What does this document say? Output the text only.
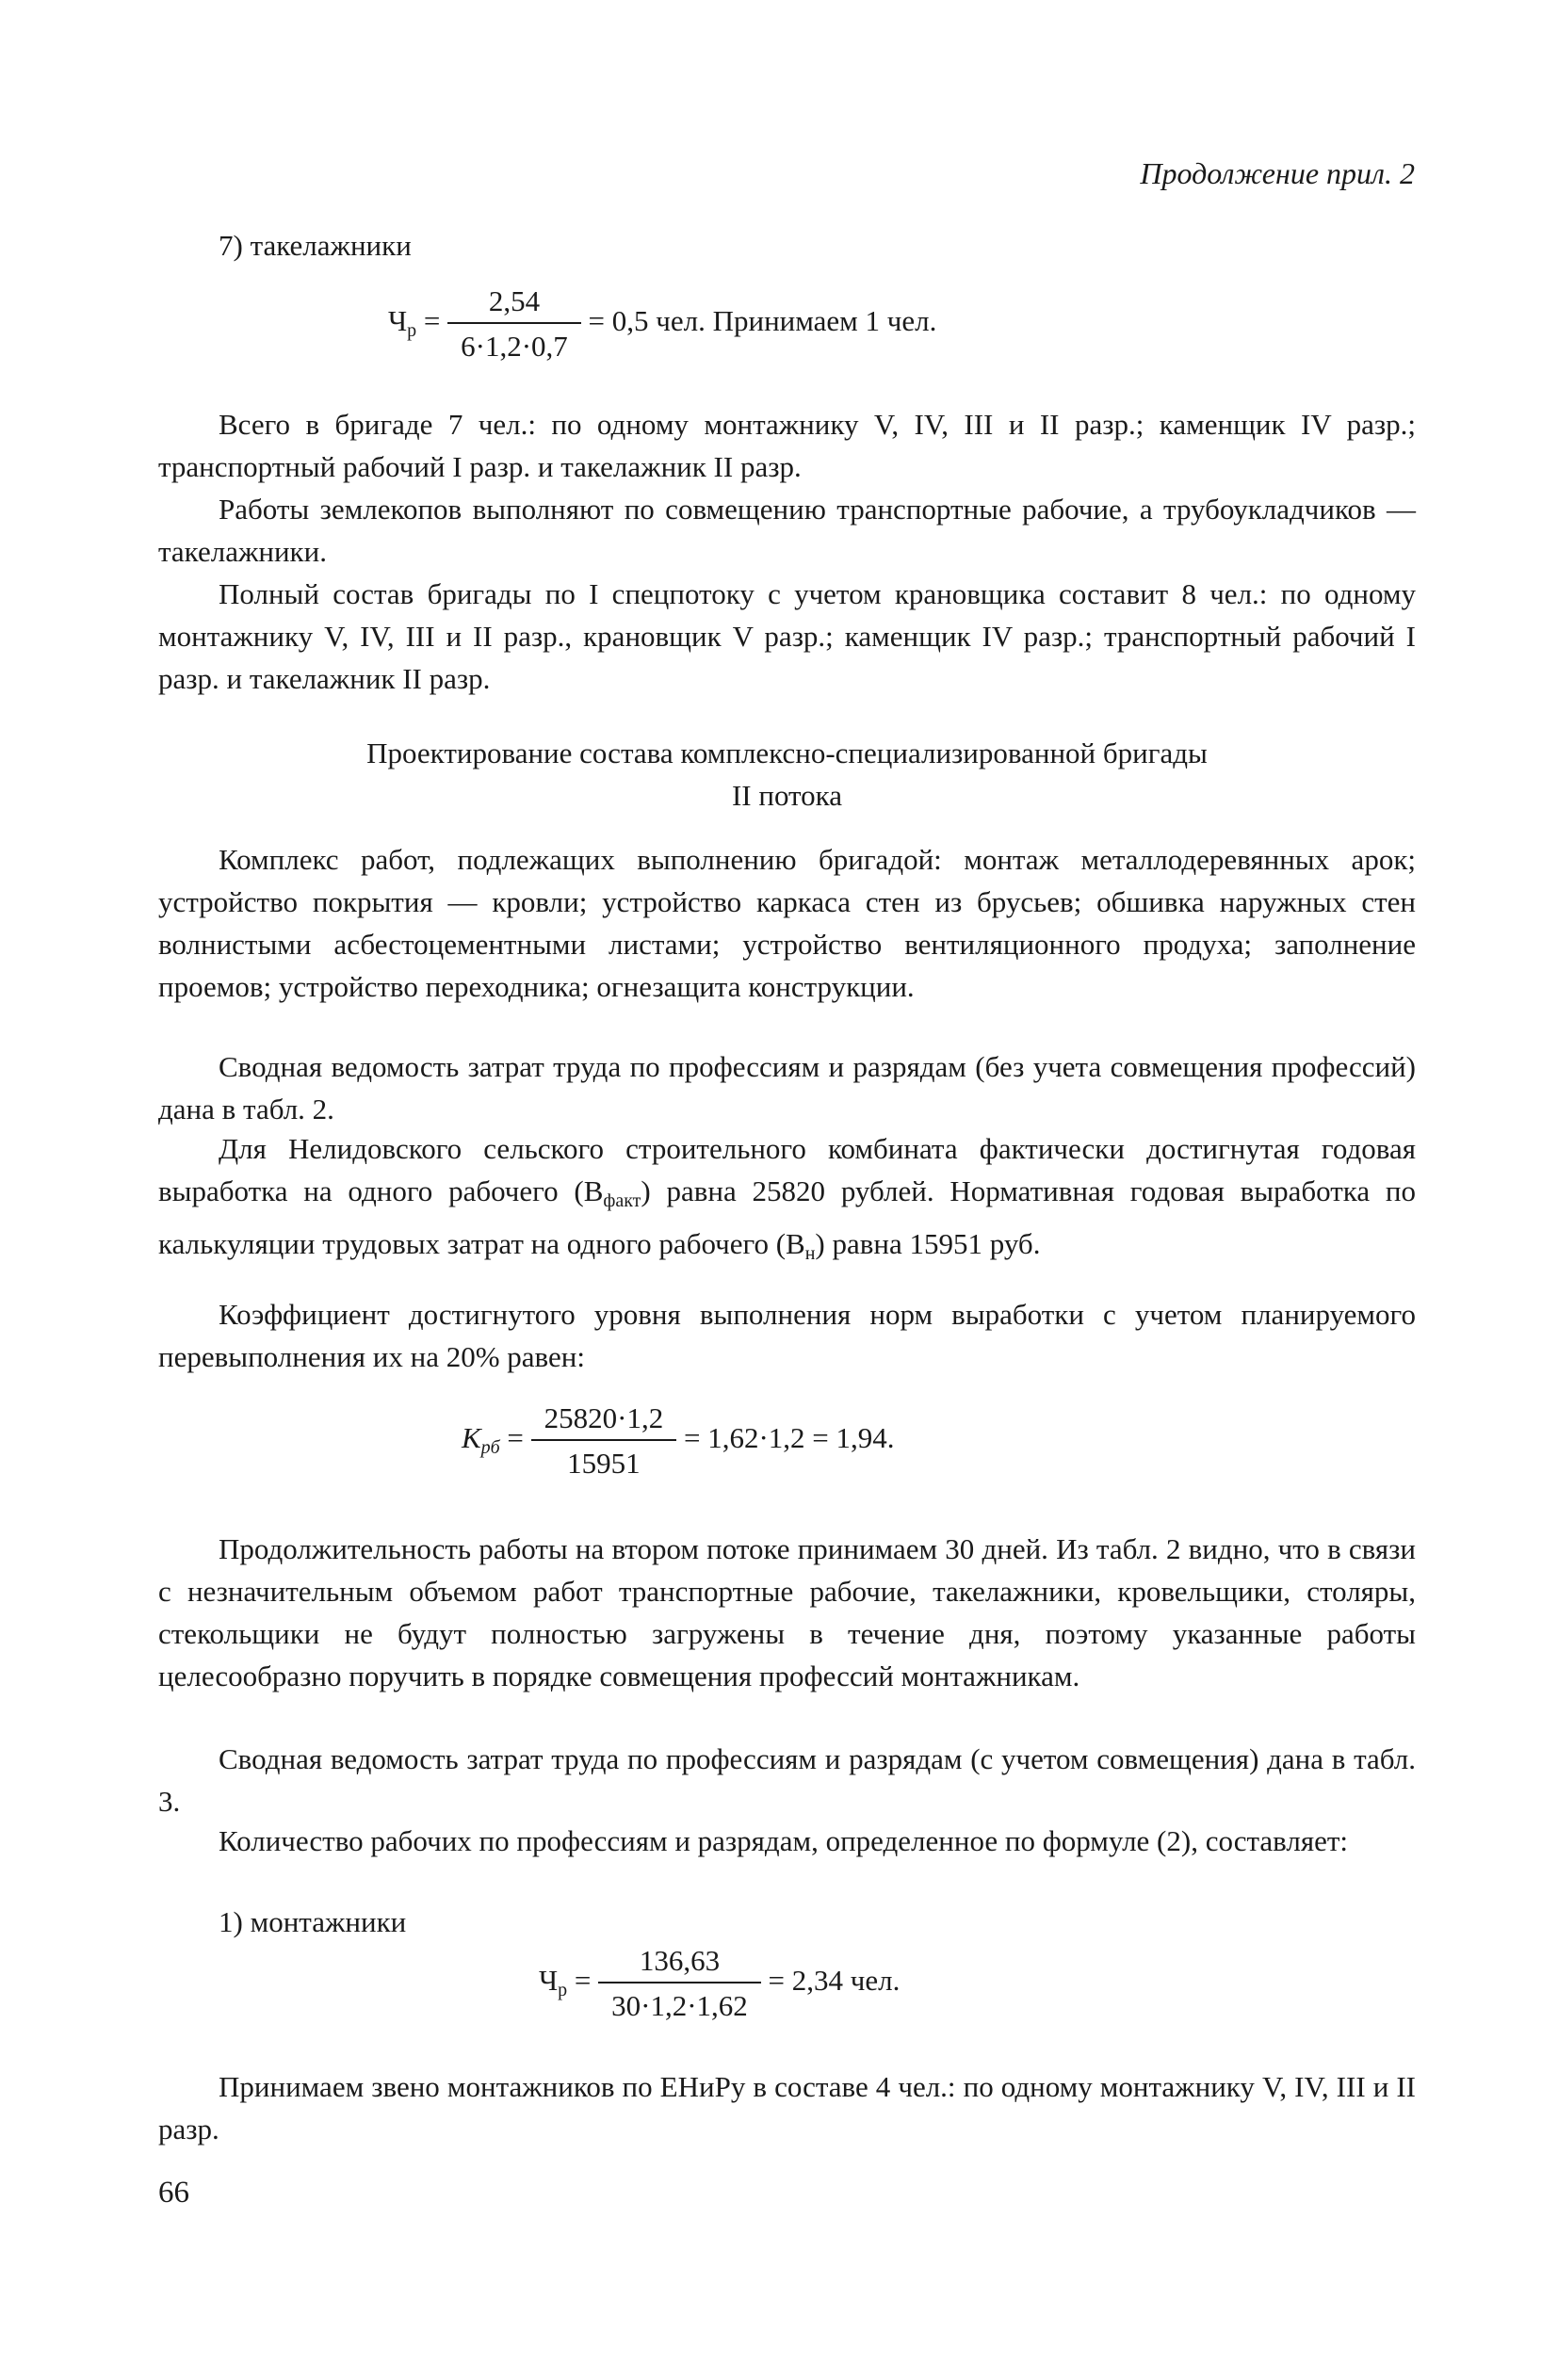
Продолжение прил. 2
7) такелажники
$Ч_р = \frac{2,54}{6\cdot 1,2\cdot 0,7} = 0,5$ чел. Принимаем 1 чел.

Всего в бригаде 7 чел.: по одному монтажнику V, IV, III и II разр.; каменщик IV разр.; транспортный рабочий I разр. и такелажник II разр.

Работы землекопов выполняют по совмещению транспортные рабочие, а трубоукладчиков — такелажники.

Полный состав бригады по I спецпотоку с учетом крановщика составит 8 чел.: по одному монтажнику V, IV, III и II разр., крановщик V разр.; каменщик IV разр.; транспортный рабочий I разр. и такелажник II разр.

Проектирование состава комплексно-специализированной бригады
II потока

Комплекс работ, подлежащих выполнению бригадой: монтаж металлодеревянных арок; устройство покрытия — кровли; устройство каркаса стен из брусьев; обшивка наружных стен волнистыми асбестоцементными листами; устройство вентиляционного продуха; заполнение проемов; устройство переходника; огнезащита конструкции.

Сводная ведомость затрат труда по профессиям и разрядам (без учета совмещения профессий) дана в табл. 2.

Для Нелидовского сельского строительного комбината фактически достигнутая годовая выработка на одного рабочего $(В_{факт})$ равна 25820 рублей. Нормативная годовая выработка по калькуляции трудовых затрат на одного рабочего $(В_н)$ равна 15951 руб.

Коэффициент достигнутого уровня выполнения норм выработки с учетом планируемого перевыполнения их на 20% равен:

$К_{рб} = \frac{25820\cdot 1,2}{15951} = 1,62\cdot 1,2 = 1,94$.

Продолжительность работы на втором потоке принимаем 30 дней. Из табл. 2 видно, что в связи с незначительным объемом работ транспортные рабочие, такелажники, кровельщики, столяры, стекольщики не будут полностью загружены в течение дня, поэтому указанные работы целесообразно поручить в порядке совмещения профессий монтажникам.

Сводная ведомость затрат труда по профессиям и разрядам (с учетом совмещения) дана в табл. 3.

Количество рабочих по профессиям и разрядам, определенное по формуле (2), составляет:

1) монтажники
$Ч_р = \frac{136,63}{30\cdot 1,2\cdot 1,62} = 2,34$ чел.

Принимаем звено монтажников по ЕНиРу в составе 4 чел.: по одному монтажнику V, IV, III и II разр.

66
